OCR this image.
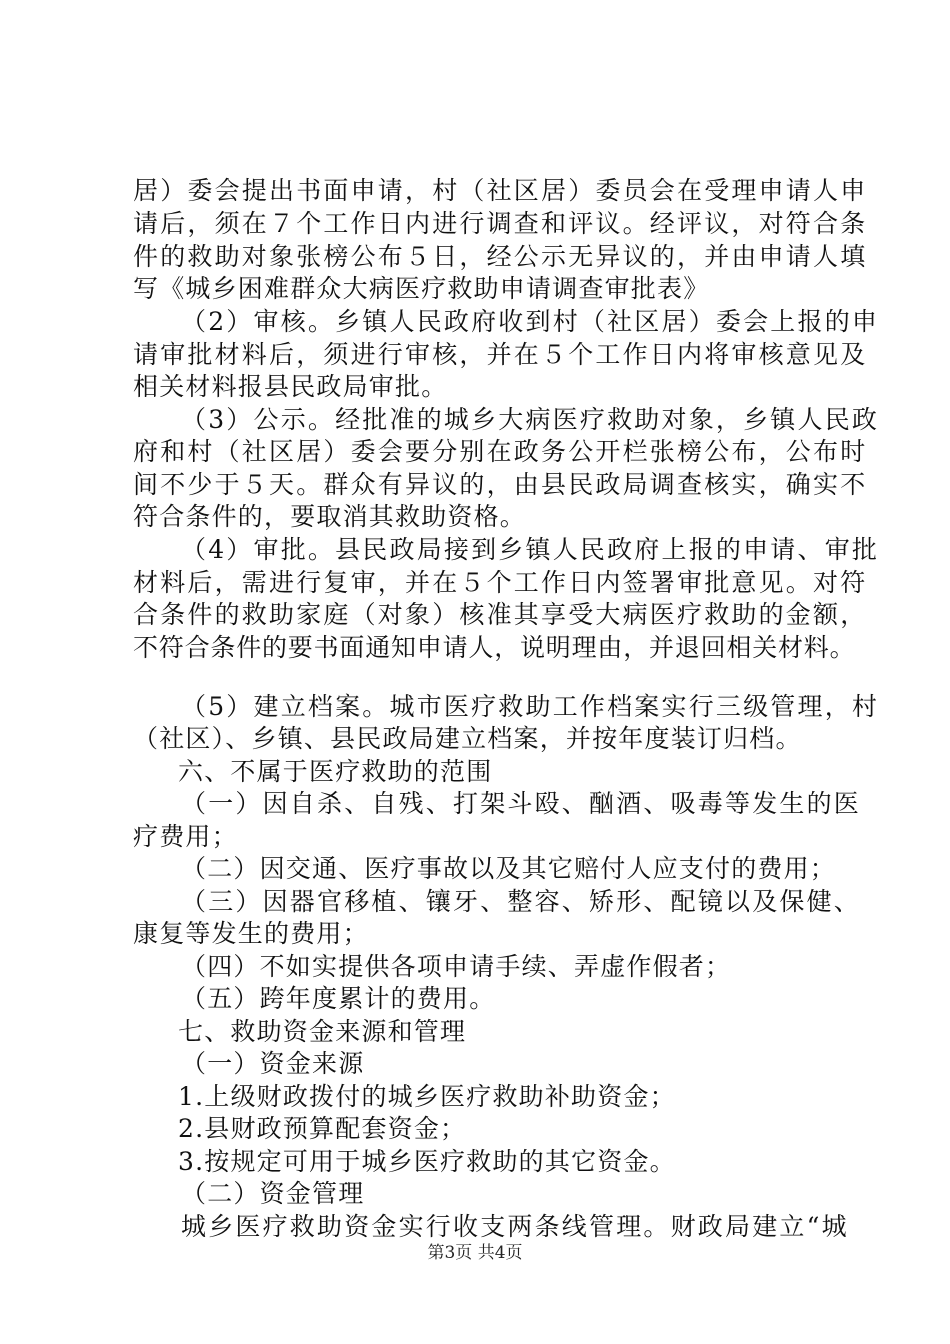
居）委会提出书面申请，村（社区居）委员会在受理申请人申
请后，须在７个工作日内进行调查和评议。经评议，对符合条
件的救助对象张榜公布５日，经公示无异议的，并由申请人填
写《城乡困难群众大病医疗救助申请调查审批表》
（2）审核。乡镇人民政府收到村（社区居）委会上报的申
请审批材料后，须进行审核，并在５个工作日内将审核意见及
相关材料报县民政局审批。
（3）公示。经批准的城乡大病医疗救助对象，乡镇人民政
府和村（社区居）委会要分别在政务公开栏张榜公布，公布时
间不少于５天。群众有异议的，由县民政局调查核实，确实不
符合条件的，要取消其救助资格。
（4）审批。县民政局接到乡镇人民政府上报的申请、审批
材料后，需进行复审，并在５个工作日内签署审批意见。对符
合条件的救助家庭（对象）核准其享受大病医疗救助的金额，
不符合条件的要书面通知申请人，说明理由，并退回相关材料。
（5）建立档案。城市医疗救助工作档案实行三级管理，村
（社区）、乡镇、县民政局建立档案，并按年度装订归档。
六、不属于医疗救助的范围
（一）因自杀、自残、打架斗殴、酗酒、吸毒等发生的医
疗费用；
（二）因交通、医疗事故以及其它赔付人应支付的费用；
（三）因器官移植、镶牙、整容、矫形、配镜以及保健、
康复等发生的费用；
（四）不如实提供各项申请手续、弄虚作假者；
（五）跨年度累计的费用。
七、救助资金来源和管理
（一）资金来源
1.上级财政拨付的城乡医疗救助补助资金；
2.县财政预算配套资金；
3.按规定可用于城乡医疗救助的其它资金。
（二）资金管理
城乡医疗救助资金实行收支两条线管理。财政局建立“城
第3页 共4页
